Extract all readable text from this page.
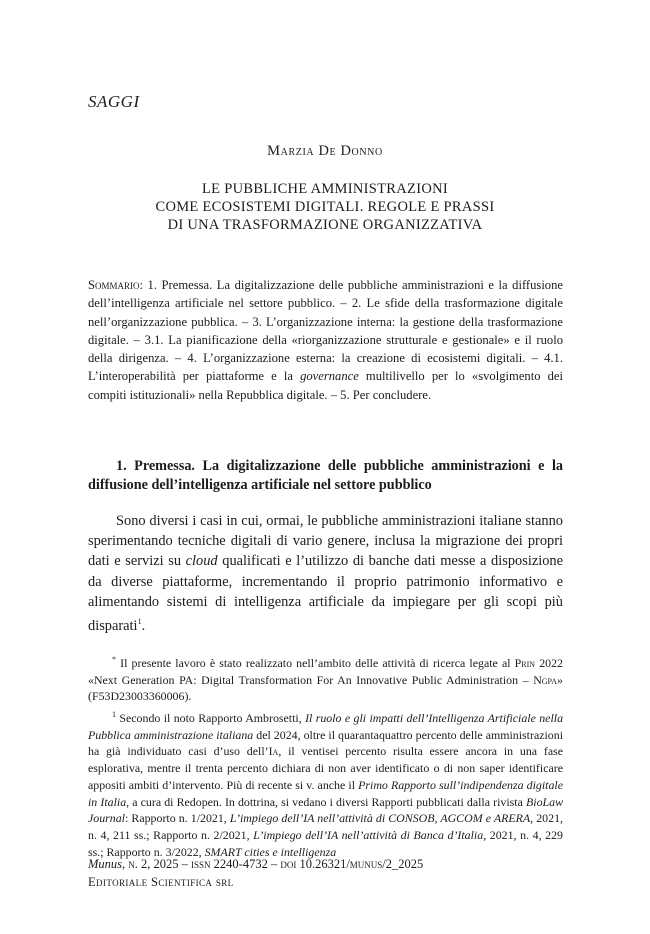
SAGGI
Marzia De Donno
LE PUBBLICHE AMMINISTRAZIONI
COME ECOSISTEMI DIGITALI. REGOLE E PRASSI
DI UNA TRASFORMAZIONE ORGANIZZATIVA
Sommario: 1. Premessa. La digitalizzazione delle pubbliche amministrazioni e la diffusione dell’intelligenza artificiale nel settore pubblico. – 2. Le sfide della trasformazione digitale nell’organizzazione pubblica. – 3. L’organizzazione interna: la gestione della trasformazione digitale. – 3.1. La pianificazione della «riorganizzazione strutturale e gestionale» e il ruolo della dirigenza. – 4. L’organizzazione esterna: la creazione di ecosistemi digitali. – 4.1. L’interoperabilità per piattaforme e la governance multilivello per lo «svolgimento dei compiti istituzionali» nella Repubblica digitale. – 5. Per concludere.
1. Premessa. La digitalizzazione delle pubbliche amministrazioni e la diffusione dell’intelligenza artificiale nel settore pubblico
Sono diversi i casi in cui, ormai, le pubbliche amministrazioni italiane stanno sperimentando tecniche digitali di vario genere, inclusa la migrazione dei propri dati e servizi su cloud qualificati e l’utilizzo di banche dati messe a disposizione da diverse piattaforme, incrementando il proprio patrimonio informativo e alimentando sistemi di intelligenza artificiale da impiegare per gli scopi più disparati$^1$.

* Il presente lavoro è stato realizzato nell’ambito delle attività di ricerca legate al Prin 2022 «Next Generation PA: Digital Transformation For An Innovative Public Administration – Ngpa» (F53D23003360006).

$^1$ Secondo il noto Rapporto Ambrosetti, Il ruolo e gli impatti dell’Intelligenza Artificiale nella Pubblica amministrazione italiana del 2024, oltre il quarantaquattro percento delle amministrazioni ha già individuato casi d’uso dell’Ia, il ventisei percento risulta essere ancora in una fase esplorativa, mentre il trenta percento dichiara di non aver identificato o di non saper identificare appositi ambiti d’intervento. Più di recente si v. anche il Primo Rapporto sull’indipendenza digitale in Italia, a cura di Redopen. In dottrina, si vedano i diversi Rapporti pubblicati dalla rivista BioLaw Journal: Rapporto n. 1/2021, L’impiego dell’IA nell’attività di CONSOB, AGCOM e ARERA, 2021, n. 4, 211 ss.; Rapporto n. 2/2021, L’impiego dell’IA nell’attività di Banca d’Italia, 2021, n. 4, 229 ss.; Rapporto n. 3/2022, SMART cities e intelligenza

Munus, n. 2, 2025 – issn 2240-4732 – doi 10.26321/munus/2_2025
Editoriale Scientifica srl
